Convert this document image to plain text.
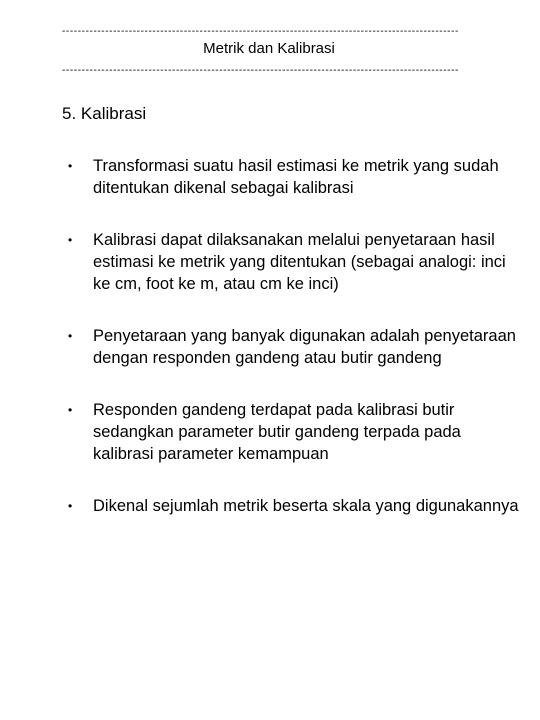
-----------------------------------------------------------------------------------------------------
Metrik dan Kalibrasi
-----------------------------------------------------------------------------------------------------
5. Kalibrasi
• Transformasi suatu hasil estimasi ke metrik yang sudah ditentukan dikenal sebagai kalibrasi
• Kalibrasi dapat dilaksanakan melalui penyetaraan hasil estimasi ke metrik yang ditentukan (sebagai analogi: inci ke cm, foot ke m, atau cm ke inci)
• Penyetaraan yang banyak digunakan adalah penyetaraan dengan responden gandeng atau butir gandeng
• Responden gandeng terdapat pada kalibrasi butir sedangkan parameter butir gandeng terpada pada kalibrasi parameter kemampuan
• Dikenal sejumlah metrik beserta skala yang digunakannya
